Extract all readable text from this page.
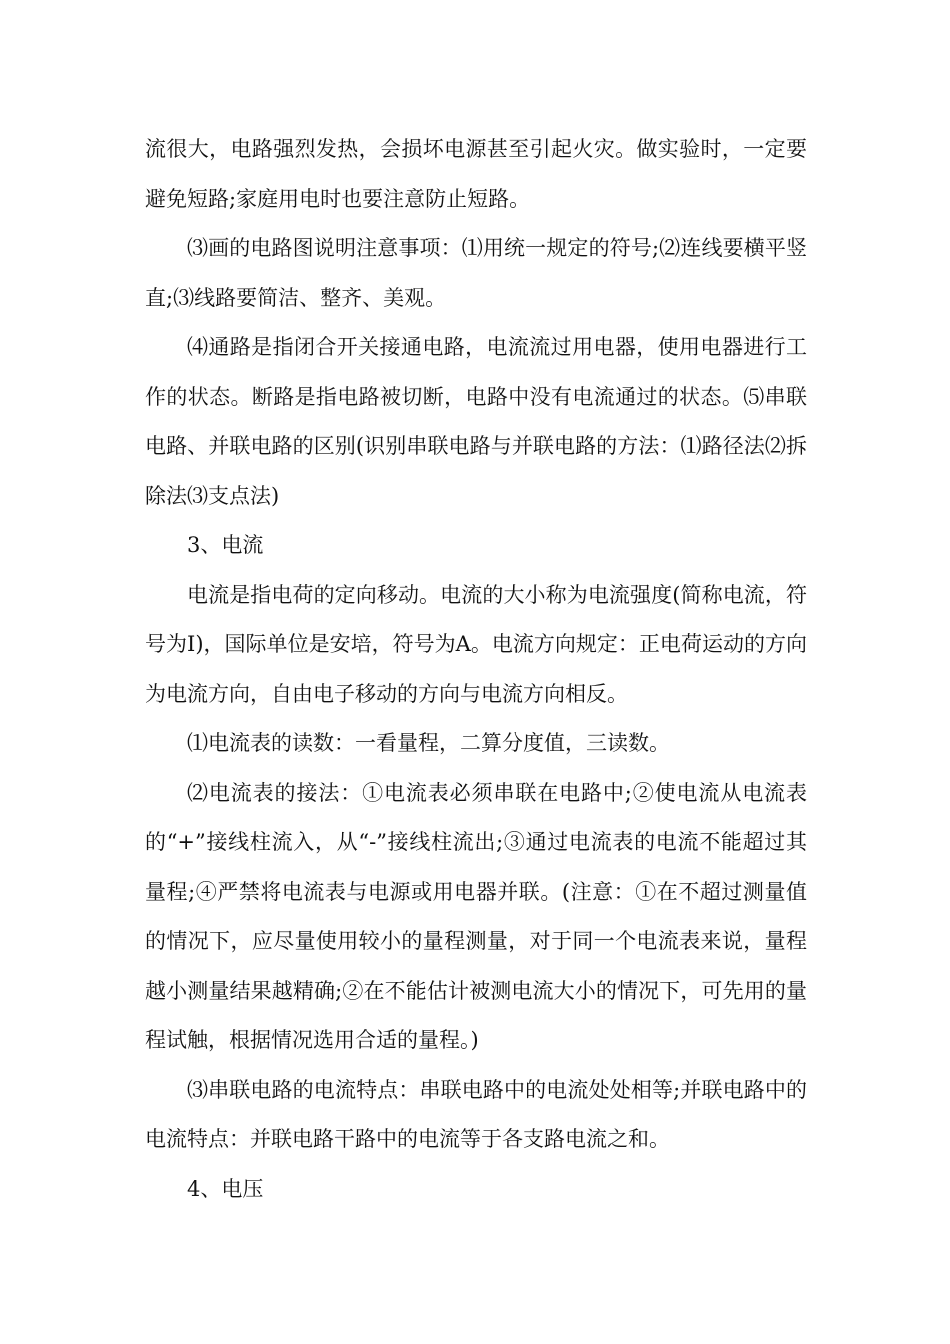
流很大，电路强烈发热，会损坏电源甚至引起火灾。做实验时，一定要避免短路;家庭用电时也要注意防止短路。

⑶画的电路图说明注意事项：⑴用统一规定的符号;⑵连线要横平竖直;⑶线路要简洁、整齐、美观。

⑷通路是指闭合开关接通电路，电流流过用电器，使用电器进行工作的状态。断路是指电路被切断，电路中没有电流通过的状态。⑸串联电路、并联电路的区别(识别串联电路与并联电路的方法：⑴路径法⑵拆除法⑶支点法)

3、电流

电流是指电荷的定向移动。电流的大小称为电流强度(简称电流，符号为I)，国际单位是安培，符号为A。电流方向规定：正电荷运动的方向为电流方向，自由电子移动的方向与电流方向相反。

⑴电流表的读数：一看量程，二算分度值，三读数。

⑵电流表的接法：①电流表必须串联在电路中;②使电流从电流表的“+”接线柱流入，从“-”接线柱流出;③通过电流表的电流不能超过其量程;④严禁将电流表与电源或用电器并联。(注意：①在不超过测量值的情况下，应尽量使用较小的量程测量，对于同一个电流表来说，量程越小测量结果越精确;②在不能估计被测电流大小的情况下，可先用的量程试触，根据情况选用合适的量程。)

⑶串联电路的电流特点：串联电路中的电流处处相等;并联电路中的电流特点：并联电路干路中的电流等于各支路电流之和。

4、电压
